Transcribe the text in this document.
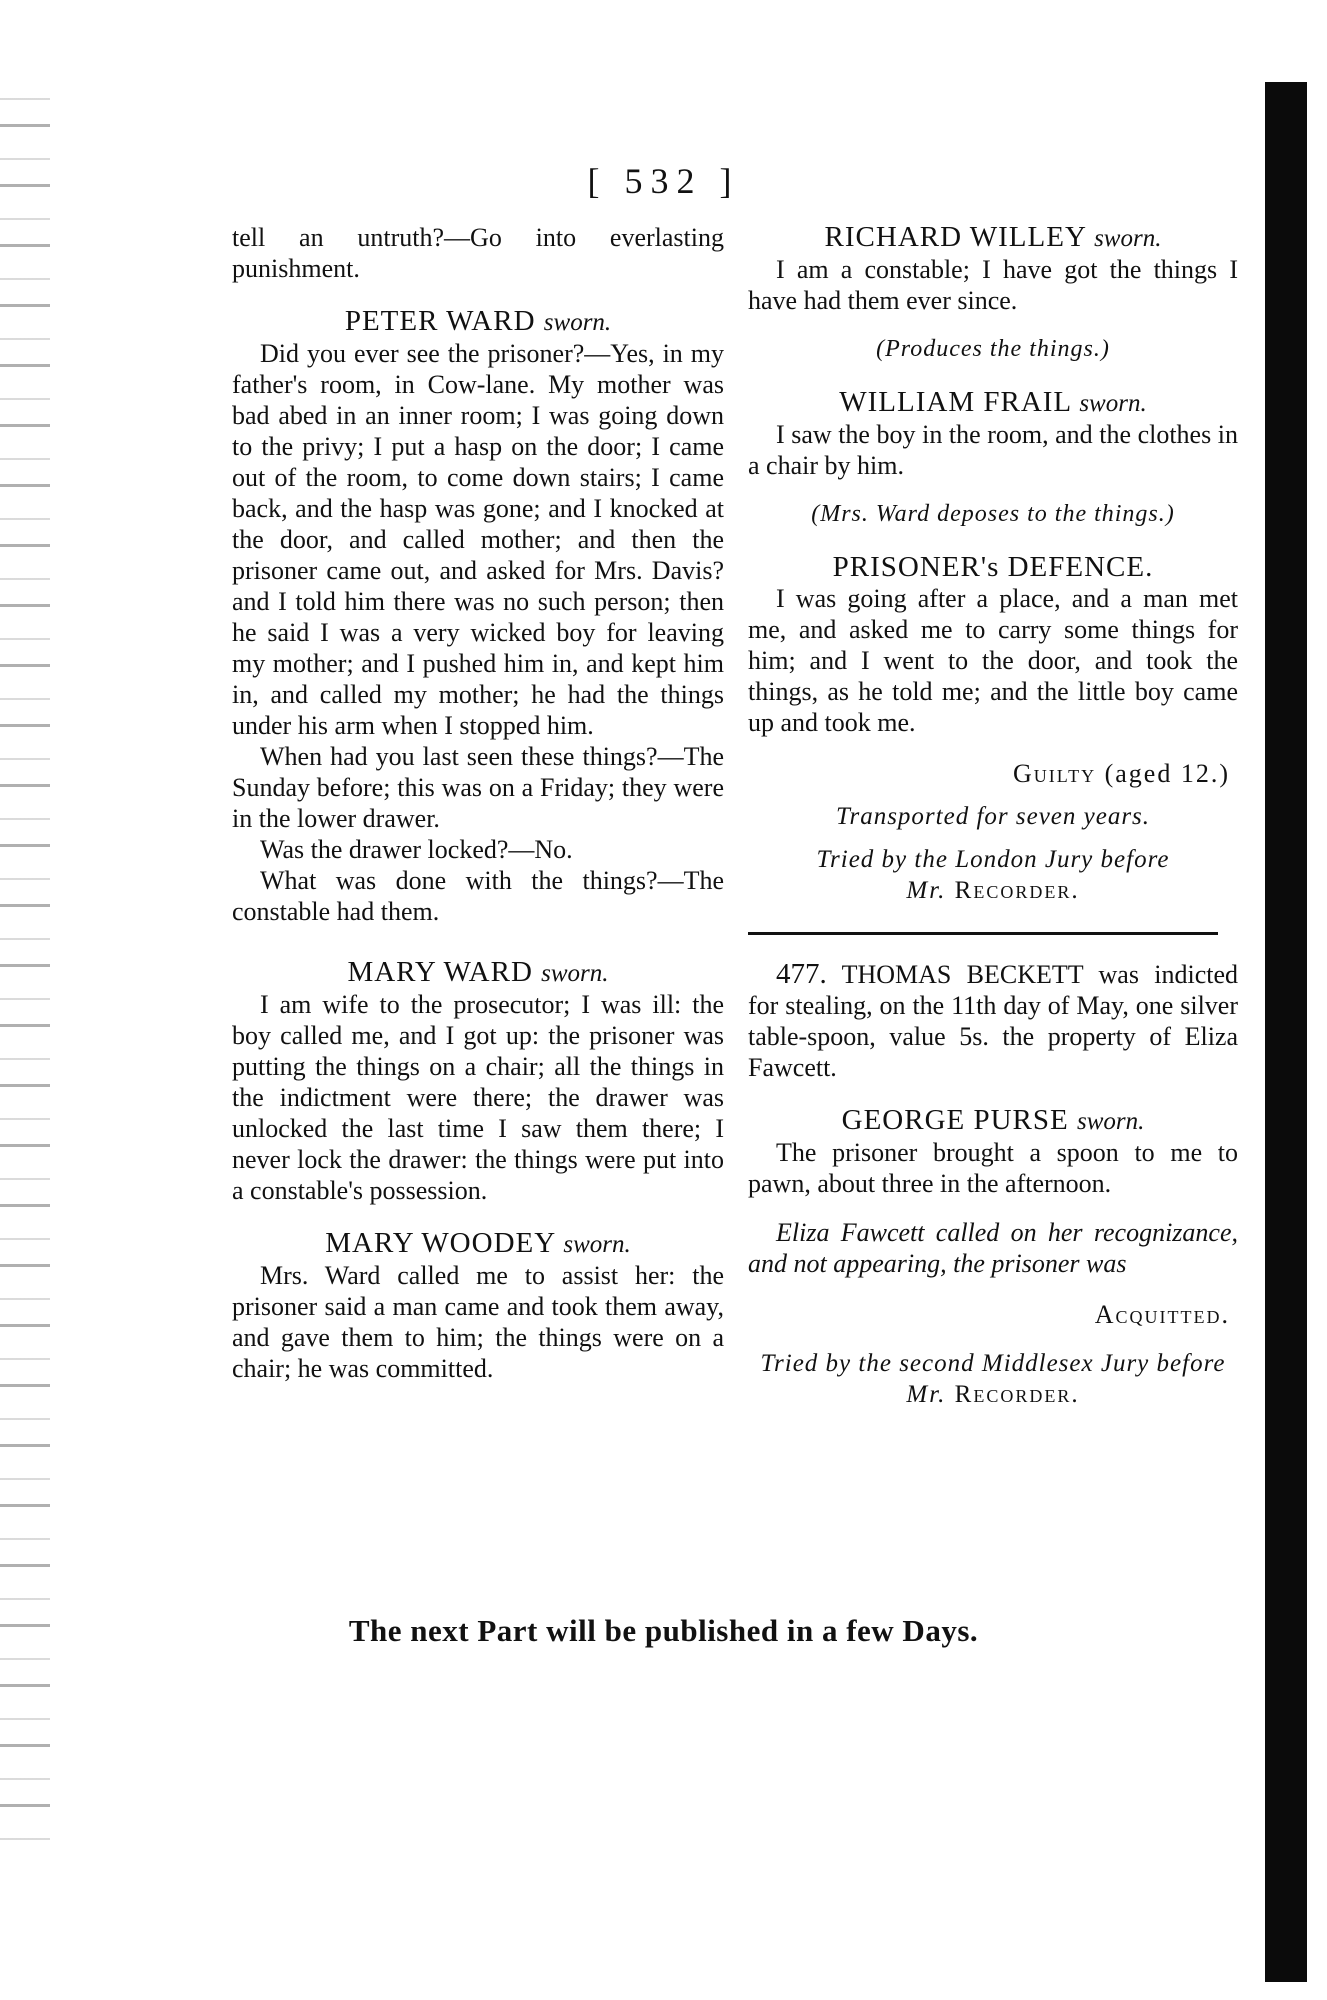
[ 532 ]

tell an untruth?—Go into everlasting punishment.

PETER WARD sworn.

Did you ever see the prisoner?—Yes, in my father's room, in Cow-lane. My mother was bad abed in an inner room; I was going down to the privy; I put a hasp on the door; I came out of the room, to come down stairs; I came back, and the hasp was gone; and I knocked at the door, and called mother; and then the prisoner came out, and asked for Mrs. Davis? and I told him there was no such person; then he said I was a very wicked boy for leaving my mother; and I pushed him in, and kept him in, and called my mother; he had the things under his arm when I stopped him.

When had you last seen these things?—The Sunday before; this was on a Friday; they were in the lower drawer.

Was the drawer locked?—No.

What was done with the things?—The constable had them.

MARY WARD sworn.

I am wife to the prosecutor; I was ill: the boy called me, and I got up: the prisoner was putting the things on a chair; all the things in the indictment were there; the drawer was unlocked the last time I saw them there; I never lock the drawer: the things were put into a constable's possession.

MARY WOODEY sworn.

Mrs. Ward called me to assist her: the prisoner said a man came and took them away, and gave them to him; the things were on a chair; he was committed.

RICHARD WILLEY sworn.

I am a constable; I have got the things I have had them ever since.

(Produces the things.)
WILLIAM FRAIL sworn.

I saw the boy in the room, and the clothes in a chair by him.

(Mrs. Ward deposes to the things.)
PRISONER's DEFENCE.

I was going after a place, and a man met me, and asked me to carry some things for him; and I went to the door, and took the things, as he told me; and the little boy came up and took me.

Guilty (aged 12.)
Transported for seven years.
Tried by the London Jury before
Mr. Recorder.

477. THOMAS BECKETT was indicted for stealing, on the 11th day of May, one silver table-spoon, value 5s. the property of Eliza Fawcett.

GEORGE PURSE sworn.

The prisoner brought a spoon to me to pawn, about three in the afternoon.

Eliza Fawcett called on her recognizance, and not appearing, the prisoner was

Acquitted.
Tried by the second Middlesex Jury before
Mr. Recorder.
The next Part will be published in a few Days.
